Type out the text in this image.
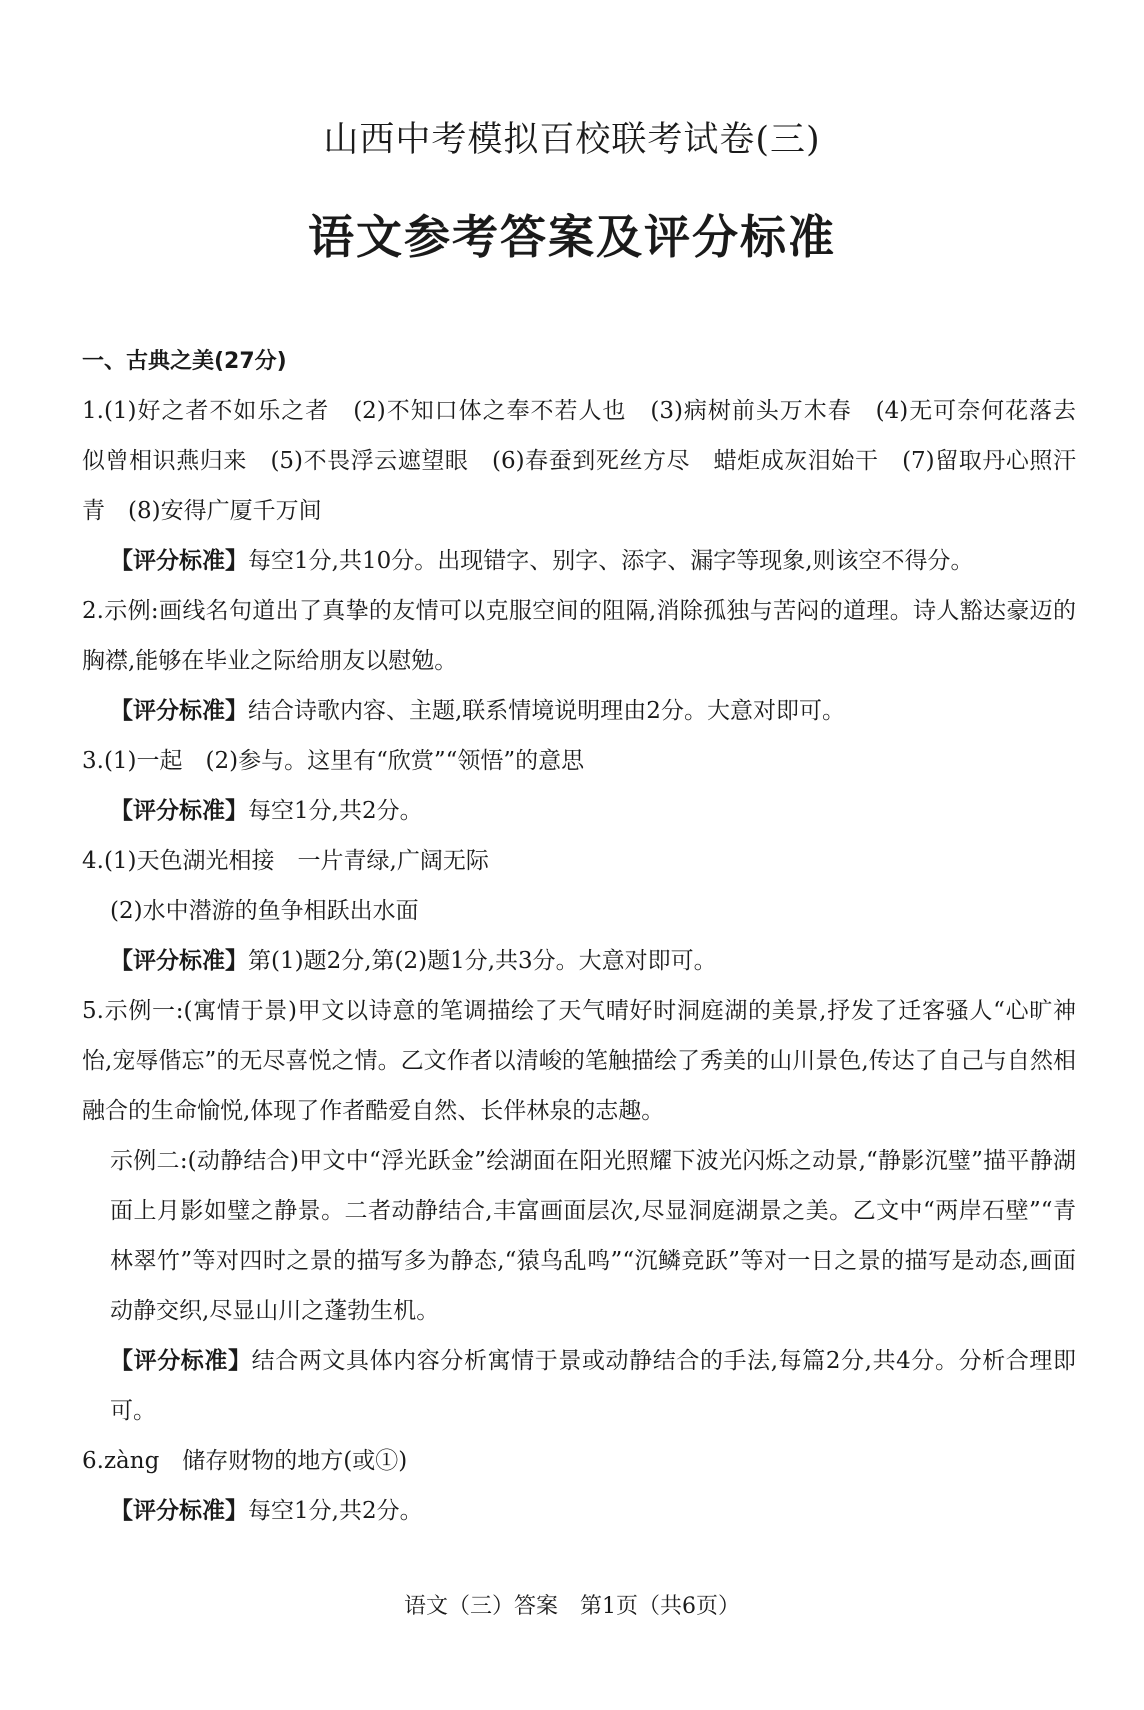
山西中考模拟百校联考试卷(三)
语文参考答案及评分标准
一、古典之美(27分)

1.(1)好之者不如乐之者　(2)不知口体之奉不若人也　(3)病树前头万木春　(4)无可奈何花落去　似曾相识燕归来　(5)不畏浮云遮望眼　(6)春蚕到死丝方尽　蜡炬成灰泪始干　(7)留取丹心照汗青　(8)安得广厦千万间

【评分标准】每空1分,共10分。出现错字、别字、添字、漏字等现象,则该空不得分。

2.示例:画线名句道出了真挚的友情可以克服空间的阻隔,消除孤独与苦闷的道理。诗人豁达豪迈的胸襟,能够在毕业之际给朋友以慰勉。

【评分标准】结合诗歌内容、主题,联系情境说明理由2分。大意对即可。

3.(1)一起　(2)参与。这里有“欣赏”“领悟”的意思

【评分标准】每空1分,共2分。

4.(1)天色湖光相接　一片青绿,广阔无际

(2)水中潜游的鱼争相跃出水面

【评分标准】第(1)题2分,第(2)题1分,共3分。大意对即可。

5.示例一:(寓情于景)甲文以诗意的笔调描绘了天气晴好时洞庭湖的美景,抒发了迁客骚人“心旷神怡,宠辱偕忘”的无尽喜悦之情。乙文作者以清峻的笔触描绘了秀美的山川景色,传达了自己与自然相融合的生命愉悦,体现了作者酷爱自然、长伴林泉的志趣。

示例二:(动静结合)甲文中“浮光跃金”绘湖面在阳光照耀下波光闪烁之动景,“静影沉璧”描平静湖面上月影如璧之静景。二者动静结合,丰富画面层次,尽显洞庭湖景之美。乙文中“两岸石壁”“青林翠竹”等对四时之景的描写多为静态,“猿鸟乱鸣”“沉鳞竞跃”等对一日之景的描写是动态,画面动静交织,尽显山川之蓬勃生机。

【评分标准】结合两文具体内容分析寓情于景或动静结合的手法,每篇2分,共4分。分析合理即可。

6.zàng　储存财物的地方(或①)

【评分标准】每空1分,共2分。

语文（三）答案　第1页（共6页）
